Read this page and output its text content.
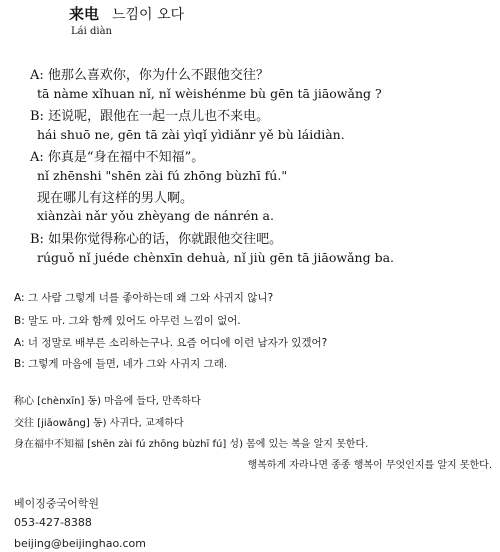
来电 느낌이 오다
Lái diàn
A: 他那么喜欢你，你为什么不跟他交往？
tā nàme xǐhuan nǐ, nǐ wèishénme bù gēn tā jiāowǎng ?
B: 还说呢，跟他在一起一点儿也不来电。
hái shuō ne, gēn tā zài yìqǐ yìdiǎnr yě bù láidiàn.
A: 你真是“身在福中不知福”。
nǐ zhēnshi "shēn zài fú zhōng bùzhī fú."
现在哪儿有这样的男人啊。
xiànzài nǎr yǒu zhèyang de nánrén a.
B: 如果你觉得称心的话，你就跟他交往吧。
rúguǒ nǐ juéde chènxīn dehuà, nǐ jiù gēn tā jiāowǎng ba.
A: 그 사람 그렇게 너를 좋아하는데 왜 그와 사귀지 않니?
B: 말도 마. 그와 함께 있어도 아무런 느낌이 없어.
A: 너 정말로 배부른 소리하는구나. 요즘 어디에 이런 남자가 있겠어?
B: 그렇게 마음에 들면, 네가 그와 사귀지 그래.
称心 [chènxīn] 동) 마음에 들다, 만족하다
交往 [jiāowǎng] 동) 사귀다, 교제하다
身在福中不知福 [shēn zài fú zhōng bùzhī fú] 성) 몸에 있는 복을 알지 못한다.
행복하게 자라나면 종종 행복이 무엇인지를 알지 못한다.
베이징중국어학원
053-427-8388
beijing@beijinghao.com
